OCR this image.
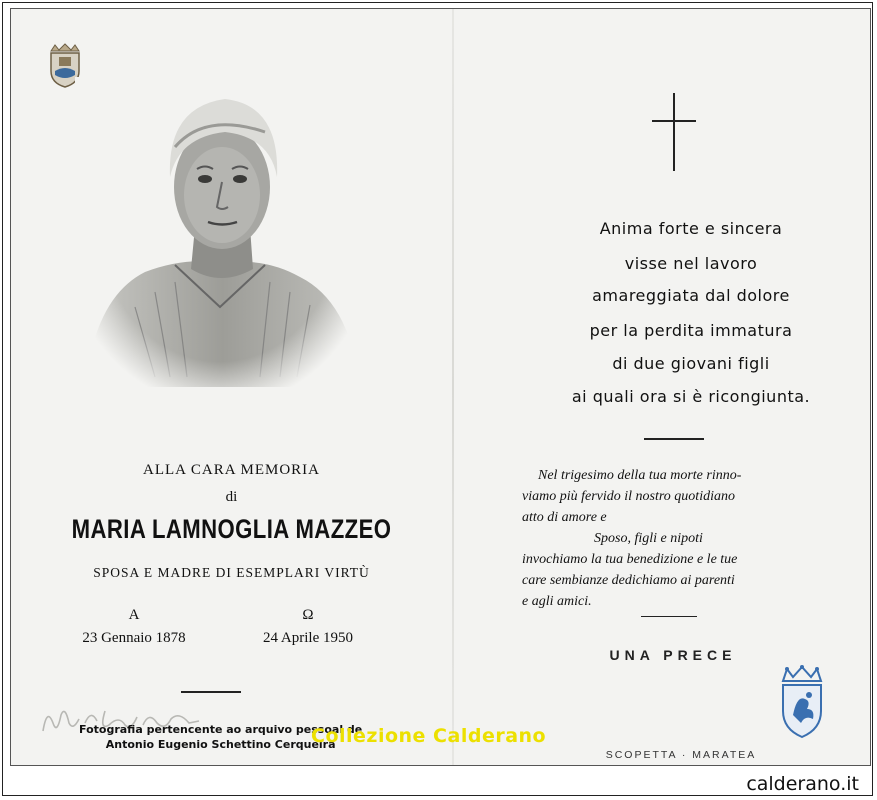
ALLA CARA MEMORIA
di
MARIA LAMNOGLIA MAZZEO
SPOSA E MADRE DI ESEMPLARI VIRTÙ
A
23 Gennaio 1878
Ω
24 Aprile 1950
Anima forte e sincera
visse nel lavoro
amareggiata dal dolore
per la perdita immatura
di due giovani figli
ai quali ora si è ricongiunta.
Nel trigesimo della tua morte rinno-
viamo più fervido il nostro quotidiano
atto di amore e
Sposo, figli e nipoti
invochiamo la tua benedizione e le tue
care sembianze dedichiamo ai parenti
e agli amici.
UNA PRECE
SCOPETTA · MARATEA
Fotografia pertencente ao arquivo pessoal de
Antonio Eugenio Schettino Cerqueira
Collezione Calderano
calderano.it
